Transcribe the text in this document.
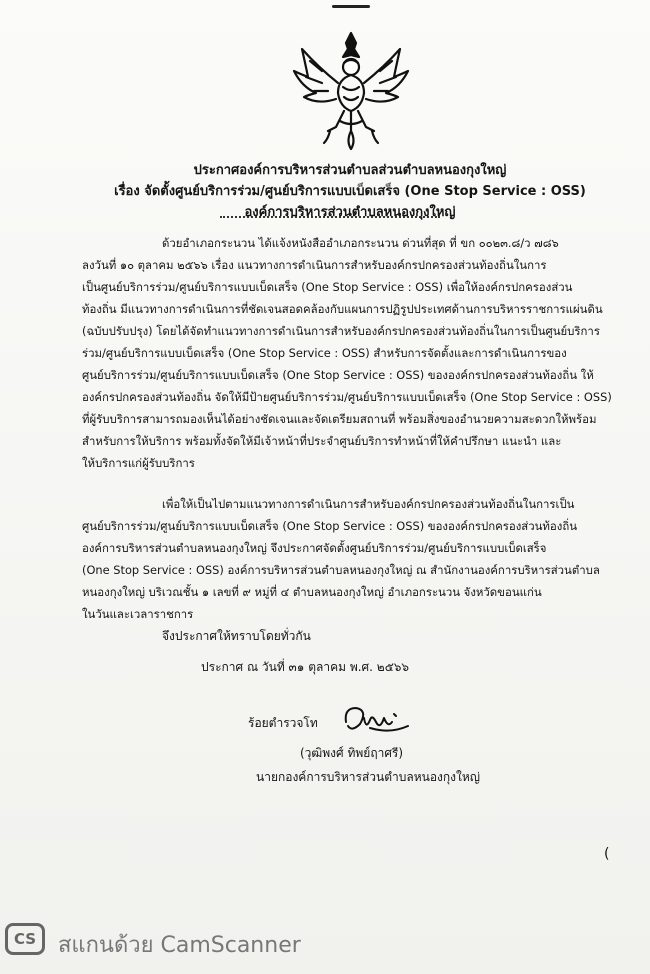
ประกาศองค์การบริหารส่วนตำบลส่วนตำบลหนองกุงใหญ่
เรื่อง จัดตั้งศูนย์บริการร่วม/ศูนย์บริการแบบเบ็ดเสร็จ (One Stop Service : OSS)
องค์การบริหารส่วนตำบลหนองกุงใหญ่
ด้วยอำเภอกระนวน ได้แจ้งหนังสืออำเภอกระนวน ด่วนที่สุด ที่ ขก ๐๐๒๓.๘/ว ๗๘๖
ลงวันที่ ๑๐ ตุลาคม ๒๕๖๖ เรื่อง แนวทางการดำเนินการสำหรับองค์กรปกครองส่วนท้องถิ่นในการ
เป็นศูนย์บริการร่วม/ศูนย์บริการแบบเบ็ดเสร็จ (One Stop Service : OSS) เพื่อให้องค์กรปกครองส่วน
ท้องถิ่น มีแนวทางการดำเนินการที่ชัดเจนสอดคล้องกับแผนการปฏิรูปประเทศด้านการบริหารราชการแผ่นดิน
(ฉบับปรับปรุง) โดยได้จัดทำแนวทางการดำเนินการสำหรับองค์กรปกครองส่วนท้องถิ่นในการเป็นศูนย์บริการ
ร่วม/ศูนย์บริการแบบเบ็ดเสร็จ (One Stop Service : OSS) สำหรับการจัดตั้งและการดำเนินการของ
ศูนย์บริการร่วม/ศูนย์บริการแบบเบ็ดเสร็จ (One Stop Service : OSS) ขององค์กรปกครองส่วนท้องถิ่น ให้
องค์กรปกครองส่วนท้องถิ่น จัดให้มีป้ายศูนย์บริการร่วม/ศูนย์บริการแบบเบ็ดเสร็จ (One Stop Service : OSS)
ที่ผู้รับบริการสามารถมองเห็นได้อย่างชัดเจนและจัดเตรียมสถานที่ พร้อมสิ่งของอำนวยความสะดวกให้พร้อม
สำหรับการให้บริการ พร้อมทั้งจัดให้มีเจ้าหน้าที่ประจำศูนย์บริการทำหน้าที่ให้คำปรึกษา แนะนำ และ
ให้บริการแก่ผู้รับบริการ
เพื่อให้เป็นไปตามแนวทางการดำเนินการสำหรับองค์กรปกครองส่วนท้องถิ่นในการเป็น
ศูนย์บริการร่วม/ศูนย์บริการแบบเบ็ดเสร็จ (One Stop Service : OSS) ขององค์กรปกครองส่วนท้องถิ่น
องค์การบริหารส่วนตำบลหนองกุงใหญ่ จึงประกาศจัดตั้งศูนย์บริการร่วม/ศูนย์บริการแบบเบ็ดเสร็จ
(One Stop Service : OSS) องค์การบริหารส่วนตำบลหนองกุงใหญ่ ณ สำนักงานองค์การบริหารส่วนตำบล
หนองกุงใหญ่ บริเวณชั้น ๑ เลขที่ ๙ หมู่ที่ ๔ ตำบลหนองกุงใหญ่ อำเภอกระนวน จังหวัดขอนแก่น
ในวันและเวลาราชการ
จึงประกาศให้ทราบโดยทั่วกัน
ประกาศ ณ วันที่ ๓๑ ตุลาคม พ.ศ. ๒๕๖๖
ร้อยตำรวจโท
(วุฒิพงศ์ ทิพย์ฤาศรี)
นายกองค์การบริหารส่วนตำบลหนองกุงใหญ่
(
CS สแกนด้วย CamScanner
